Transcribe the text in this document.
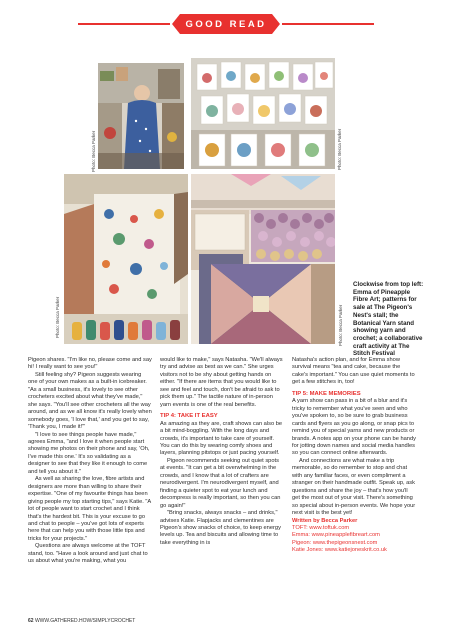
GOOD READ
Photo: Becca Parker	Photo: Becca Parker
Photo: Becca Parker	Photo: Becca Parker
Clockwise from top left: Emma of Pineapple Fibre Art; patterns for sale at The Pigeon's Nest's stall; the Botanical Yarn stand showing yarn and crochet; a collaborative craft activity at The Stitch Festival

Pigeon shares. "I'm like no, please come and say hi! I really want to see you!"

Still feeling shy? Pigeon suggests wearing one of your own makes as a built-in icebreaker. "As a small business, it's lovely to see other crocheters excited about what they've made," she says. "You'll see other crocheters all the way around, and as we all know it's really lovely when somebody goes, 'I love that,' and you get to say, 'Thank you, I made it!'"

"I love to see things people have made," agrees Emma, "and I love it when people start showing me photos on their phone and say, 'Oh, I've made this one.' It's so validating as a designer to see that they like it enough to come and tell you about it."

As well as sharing the love, fibre artists and designers are more than willing to share their expertise. "One of my favourite things has been giving people my top starting tips," says Katie. "A lot of people want to start crochet and I think that's the hardest bit. This is your excuse to go and chat to people – you've got lots of experts here that can help you with those little tips and tricks for your projects."

Questions are always welcome at the TOFT stand, too. "Have a look around and just chat to us about what you're making, what you

would like to make," says Natasha. "We'll always try and advise as best as we can." She urges visitors not to be shy about getting hands on either. "If there are items that you would like to see and feel and touch, don't be afraid to ask to pick them up." The tactile nature of in-person yarn events is one of the real benefits.

TIP 4: TAKE IT EASY

As amazing as they are, craft shows can also be a bit mind-boggling. With the long days and crowds, it's important to take care of yourself. You can do this by wearing comfy shoes and layers, planning pitstops or just pacing yourself.

Pigeon recommends seeking out quiet spots at events. "It can get a bit overwhelming in the crowds, and I know that a lot of crafters are neurodivergent. I'm neurodivergent myself, and finding a quieter spot to eat your lunch and decompress is really important, so then you can go again!"

"Bring snacks, always snacks – and drinks," advises Katie. Flapjacks and clementines are Pigeon's show snacks of choice, to keep energy levels up. Tea and biscuits and allowing time to take everything in is

Natasha's action plan, and for Emma show survival means "tea and cake, because the cake's important." You can use quiet moments to get a few stitches in, too!

TIP 5: MAKE MEMORIES

A yarn show can pass in a bit of a blur and it's tricky to remember what you've seen and who you've spoken to, so be sure to grab business cards and flyers as you go along, or snap pics to remind you of special yarns and new products or brands. A notes app on your phone can be handy for jotting down names and social media handles so you can connect online afterwards.

And connections are what make a trip memorable, so do remember to stop and chat with any familiar faces, or even compliment a stranger on their handmade outfit. Speak up, ask questions and share the joy – that's how you'll get the most out of your visit. There's something so special about in-person events. We hope your next visit is the best yet!

Written by Becca Parker
TOFT: www.toftuk.com
Emma: www.pineapplefibreart.com
Pigeon: www.thepigeonsnest.com
Katie Jones: www.katiejoneskrit.co.uk
62 WWW.GATHERED.HOW/SIMPLYCROCHET
